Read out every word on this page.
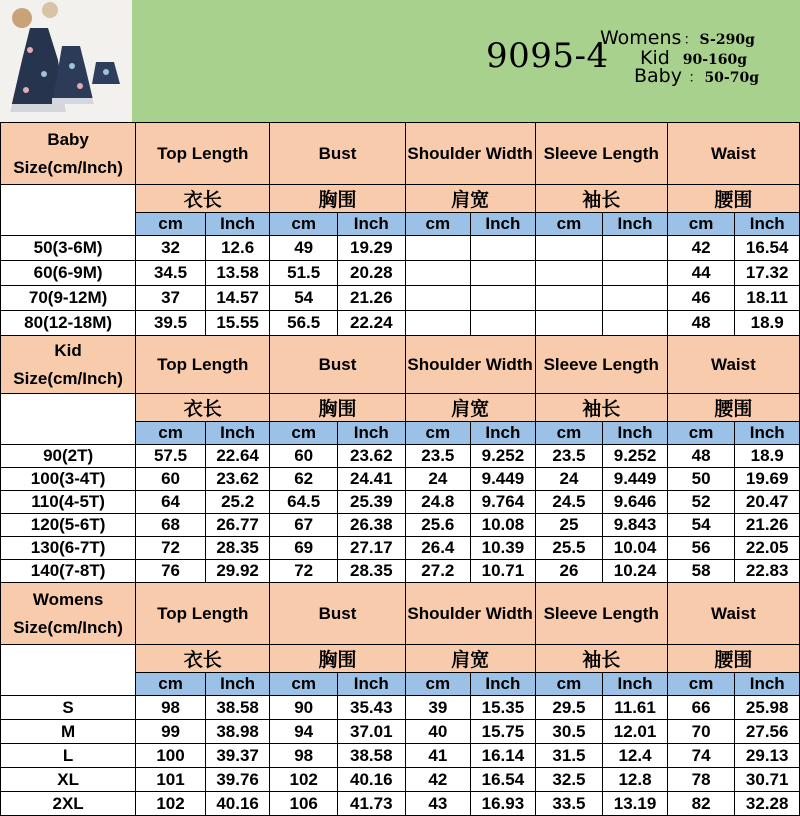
9095-4
Womens ： S-290g
Kid 90-160g
Baby ： 50-70g
Baby Size(cm/Inch)	Top Length		Bust		Shoulder Width		Sleeve Length		Waist	
	衣长		胸围		肩宽		袖长		腰围	
	cm	Inch	cm	Inch	cm	Inch	cm	Inch	cm	Inch
50(3-6M)	32	12.6	49	19.29					42	16.54
60(6-9M)	34.5	13.58	51.5	20.28					44	17.32
70(9-12M)	37	14.57	54	21.26					46	18.11
80(12-18M)	39.5	15.55	56.5	22.24					48	18.9
Kid Size(cm/Inch)	Top Length		Bust		Shoulder Width		Sleeve Length		Waist	
	衣长		胸围		肩宽		袖长		腰围	
	cm	Inch	cm	Inch	cm	Inch	cm	Inch	cm	Inch
90(2T)	57.5	22.64	60	23.62	23.5	9.252	23.5	9.252	48	18.9
100(3-4T)	60	23.62	62	24.41	24	9.449	24	9.449	50	19.69
110(4-5T)	64	25.2	64.5	25.39	24.8	9.764	24.5	9.646	52	20.47
120(5-6T)	68	26.77	67	26.38	25.6	10.08	25	9.843	54	21.26
130(6-7T)	72	28.35	69	27.17	26.4	10.39	25.5	10.04	56	22.05
140(7-8T)	76	29.92	72	28.35	27.2	10.71	26	10.24	58	22.83
Womens Size(cm/Inch)	Top Length		Bust		Shoulder Width		Sleeve Length		Waist	
	衣长		胸围		肩宽		袖长		腰围	
	cm	Inch	cm	Inch	cm	Inch	cm	Inch	cm	Inch
S	98	38.58	90	35.43	39	15.35	29.5	11.61	66	25.98
M	99	38.98	94	37.01	40	15.75	30.5	12.01	70	27.56
L	100	39.37	98	38.58	41	16.14	31.5	12.4	74	29.13
XL	101	39.76	102	40.16	42	16.54	32.5	12.8	78	30.71
2XL	102	40.16	106	41.73	43	16.93	33.5	13.19	82	32.28
